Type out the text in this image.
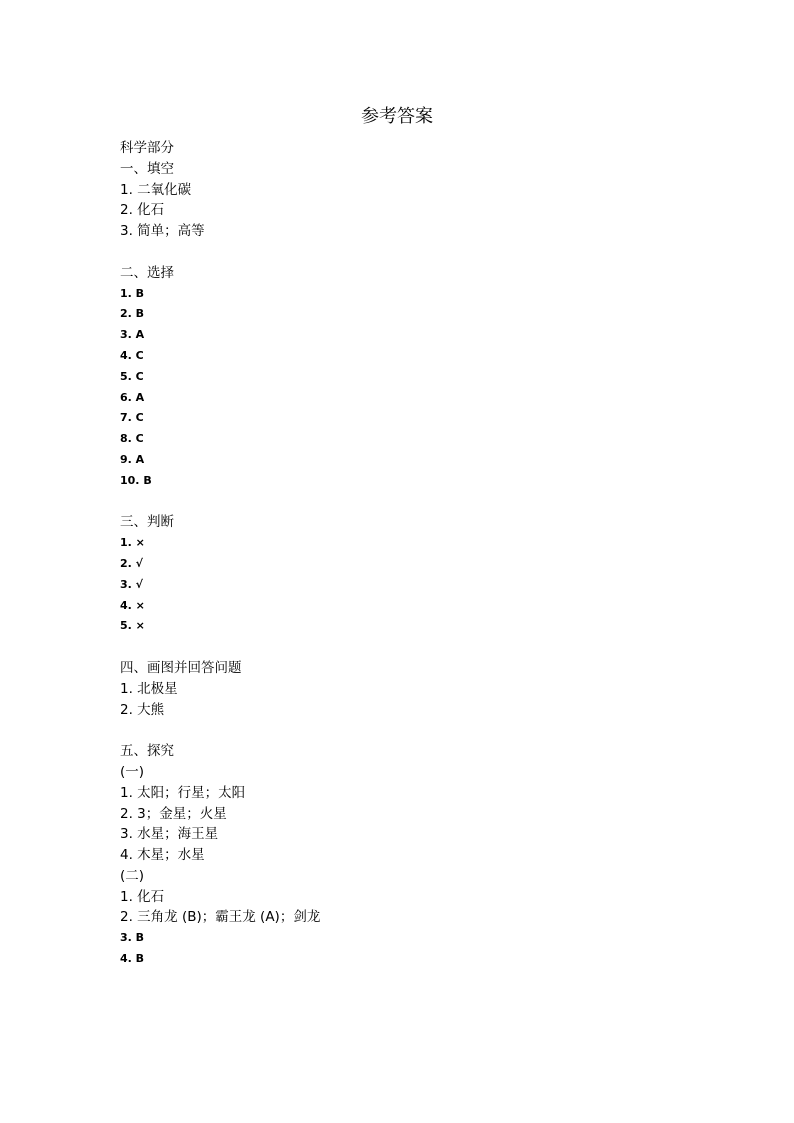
参考答案
科学部分
一、填空
1. 二氧化碳
2. 化石
3. 简单；高等
二、选择
1. B
2. B
3. A
4. C
5. C
6. A
7. C
8. C
9. A
10. B
三、判断
1. ×
2. √
3. √
4. ×
5. ×
四、画图并回答问题
1. 北极星
2. 大熊
五、探究
(一)
1. 太阳；行星；太阳
2. 3；金星；火星
3. 水星；海王星
4. 木星；水星
(二)
1. 化石
2. 三角龙 (B)；霸王龙 (A)；剑龙
3. B
4. B
